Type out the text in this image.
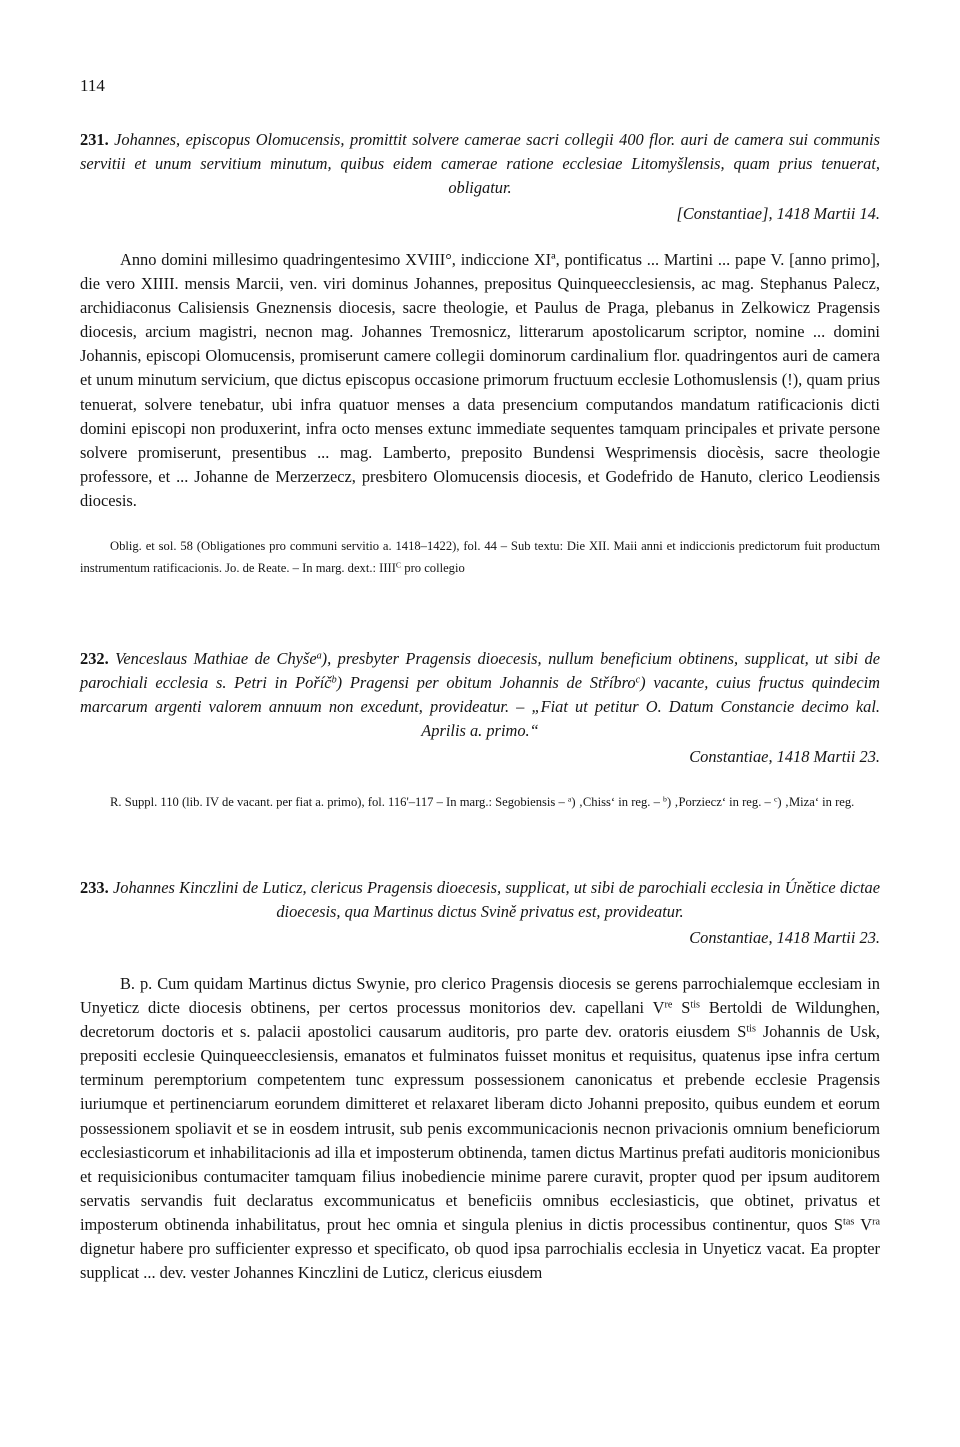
114
231. Johannes, episcopus Olomucensis, promittit solvere camerae sacri collegii 400 flor. auri de camera sui communis servitii et unum servitium minutum, quibus eidem camerae ratione ecclesiae Litomyšlensis, quam prius tenuerat, obligatur.
[Constantiae], 1418 Martii 14.

Anno domini millesimo quadringentesimo XVIII°, indiccione XIª, pontificatus ... Martini ... pape V. [anno primo], die vero XIIII. mensis Marcii, ven. viri dominus Johannes, prepositus Quinqueecclesiensis, ac mag. Stephanus Palecz, archidiaconus Calisiensis Gneznensis diocesis, sacre theologie, et Paulus de Praga, plebanus in Zelkowicz Pragensis diocesis, arcium magistri, necnon mag. Johannes Tremosnicz, litterarum apostolicarum scriptor, nomine ... domini Johannis, episcopi Olomucensis, promiserunt camere collegii dominorum cardinalium flor. quadringentos auri de camera et unum minutum servicium, que dictus episcopus occasione primorum fructuum ecclesie Lothomuslensis (!), quam prius tenuerat, solvere tenebatur, ubi infra quatuor menses a data presencium computandos mandatum ratificacionis dicti domini episcopi non produxerint, infra octo menses extunc immediate sequentes tamquam principales et private persone solvere promiserunt, presentibus ... mag. Lamberto, preposito Bundensi Wesprimensis diocèsis, sacre theologie professore, et ... Johanne de Merzerzecz, presbitero Olomucensis diocesis, et Godefrido de Hanuto, clerico Leodiensis diocesis.

Oblig. et sol. 58 (Obligationes pro communi servitio a. 1418–1422), fol. 44 – Sub textu: Die XII. Maii anni et indiccionis predictorum fuit productum instrumentum ratificacionis. Jo. de Reate. – In marg. dext.: $IIII^C$ pro collegio

232. Venceslaus Mathiae de Chyše$^a$), presbyter Pragensis dioecesis, nullum beneficium obtinens, supplicat, ut sibi de parochiali ecclesia s. Petri in Poříč$^b$) Pragensi per obitum Johannis de Stříbro$^c$) vacante, cuius fructus quindecim marcarum argenti valorem annuum non excedunt, provideatur. – „Fiat ut petitur O. Datum Constancie decimo kal. Aprilis a. primo.“
Constantiae, 1418 Martii 23.

R. Suppl. 110 (lib. IV de vacant. per fiat a. primo), fol. 116'–117 – In marg.: Segobiensis – $^a$) ‚Chiss‘ in reg. – $^b$) ‚Porziecz‘ in reg. – $^c$) ‚Miza‘ in reg.

233. Johannes Kinczlini de Luticz, clericus Pragensis dioecesis, supplicat, ut sibi de parochiali ecclesia in Únětice dictae dioecesis, qua Martinus dictus Svině privatus est, provideatur.
Constantiae, 1418 Martii 23.

B. p. Cum quidam Martinus dictus Swynie, pro clerico Pragensis diocesis se gerens parrochialemque ecclesiam in Unyeticz dicte diocesis obtinens, per certos processus monitorios dev. capellani Vre $S^{tis}$ Bertoldi de Wildunghen, decretorum doctoris et s. palacii apostolici causarum auditoris, pro parte dev. oratoris eiusdem $S^{tis}$ Johannis de Usk, prepositi ecclesie Quinqueecclesiensis, emanatos et fulminatos fuisset monitus et requisitus, quatenus ipse infra certum terminum peremptorium competentem tunc expressum possessionem canonicatus et prebende ecclesie Pragensis iuriumque et pertinenciarum eorundem dimitteret et relaxaret liberam dicto Johanni preposito, quibus eundem et eorum possessionem spoliavit et se in eosdem intrusit, sub penis excommunicacionis necnon privacionis omnium beneficiorum ecclesiasticorum et inhabilitacionis ad illa et imposterum obtinenda, tamen dictus Martinus prefati auditoris monicionibus et requisicionibus contumaciter tamquam filius inobediencie minime parere curavit, propter quod per ipsum auditorem servatis servandis fuit declaratus excommunicatus et beneficiis omnibus ecclesiasticis, que obtinet, privatus et imposterum obtinenda inhabilitatus, prout hec omnia et singula plenius in dictis processibus continentur, quos $S^{tas}$ $V^{ra}$ dignetur habere pro sufficienter expresso et specificato, ob quod ipsa parrochialis ecclesia in Unyeticz vacat. Ea propter supplicat ... dev. vester Johannes Kinczlini de Luticz, clericus eiusdem
